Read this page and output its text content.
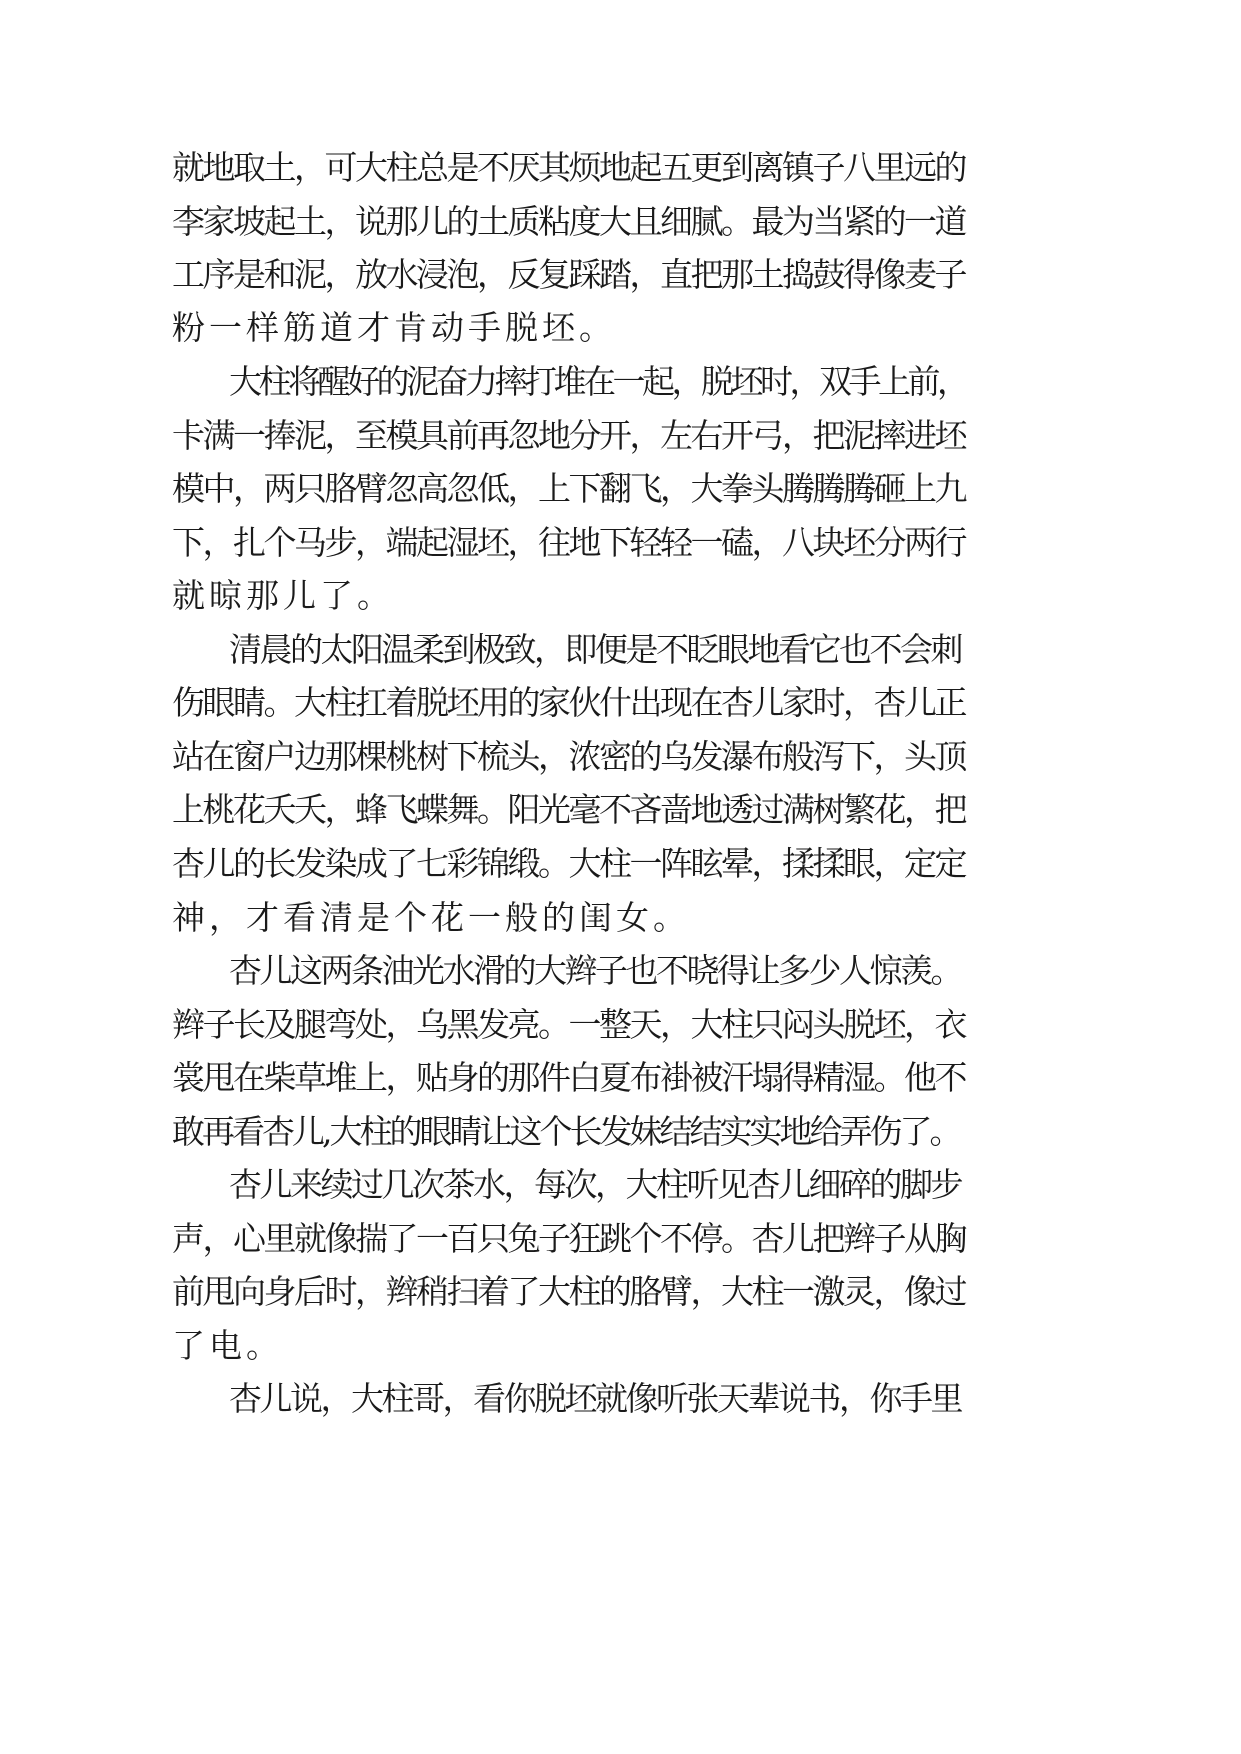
就地取土，可大柱总是不厌其烦地起五更到离镇子八里远的
李家坡起土，说那儿的土质粘度大且细腻。最为当紧的一道
工序是和泥，放水浸泡，反复踩踏，直把那土捣鼓得像麦子
粉一样筋道才肯动手脱坯。
大柱将醒好的泥奋力摔打堆在一起，脱坯时，双手上前，
卡满一捧泥，至模具前再忽地分开，左右开弓，把泥摔进坯
模中，两只胳臂忽高忽低，上下翻飞，大拳头腾腾腾砸上九
下，扎个马步，端起湿坯，往地下轻轻一磕，八块坯分两行
就晾那儿了。
清晨的太阳温柔到极致，即便是不眨眼地看它也不会刺
伤眼睛。大柱扛着脱坯用的家伙什出现在杏儿家时，杏儿正
站在窗户边那棵桃树下梳头，浓密的乌发瀑布般泻下，头顶
上桃花夭夭，蜂飞蝶舞。阳光毫不吝啬地透过满树繁花，把
杏儿的长发染成了七彩锦缎。大柱一阵眩晕，揉揉眼，定定
神，才看清是个花一般的闺女。
杏儿这两条油光水滑的大辫子也不晓得让多少人惊羡。
辫子长及腿弯处，乌黑发亮。一整天，大柱只闷头脱坯，衣
裳甩在柴草堆上，贴身的那件白夏布褂被汗塌得精湿。他不
敢再看杏儿,大柱的眼睛让这个长发妹结结实实地给弄伤了。
杏儿来续过几次茶水，每次，大柱听见杏儿细碎的脚步
声，心里就像揣了一百只兔子狂跳个不停。杏儿把辫子从胸
前甩向身后时，辫稍扫着了大柱的胳臂，大柱一激灵，像过
了电。
杏儿说，大柱哥，看你脱坯就像听张天辈说书，你手里
